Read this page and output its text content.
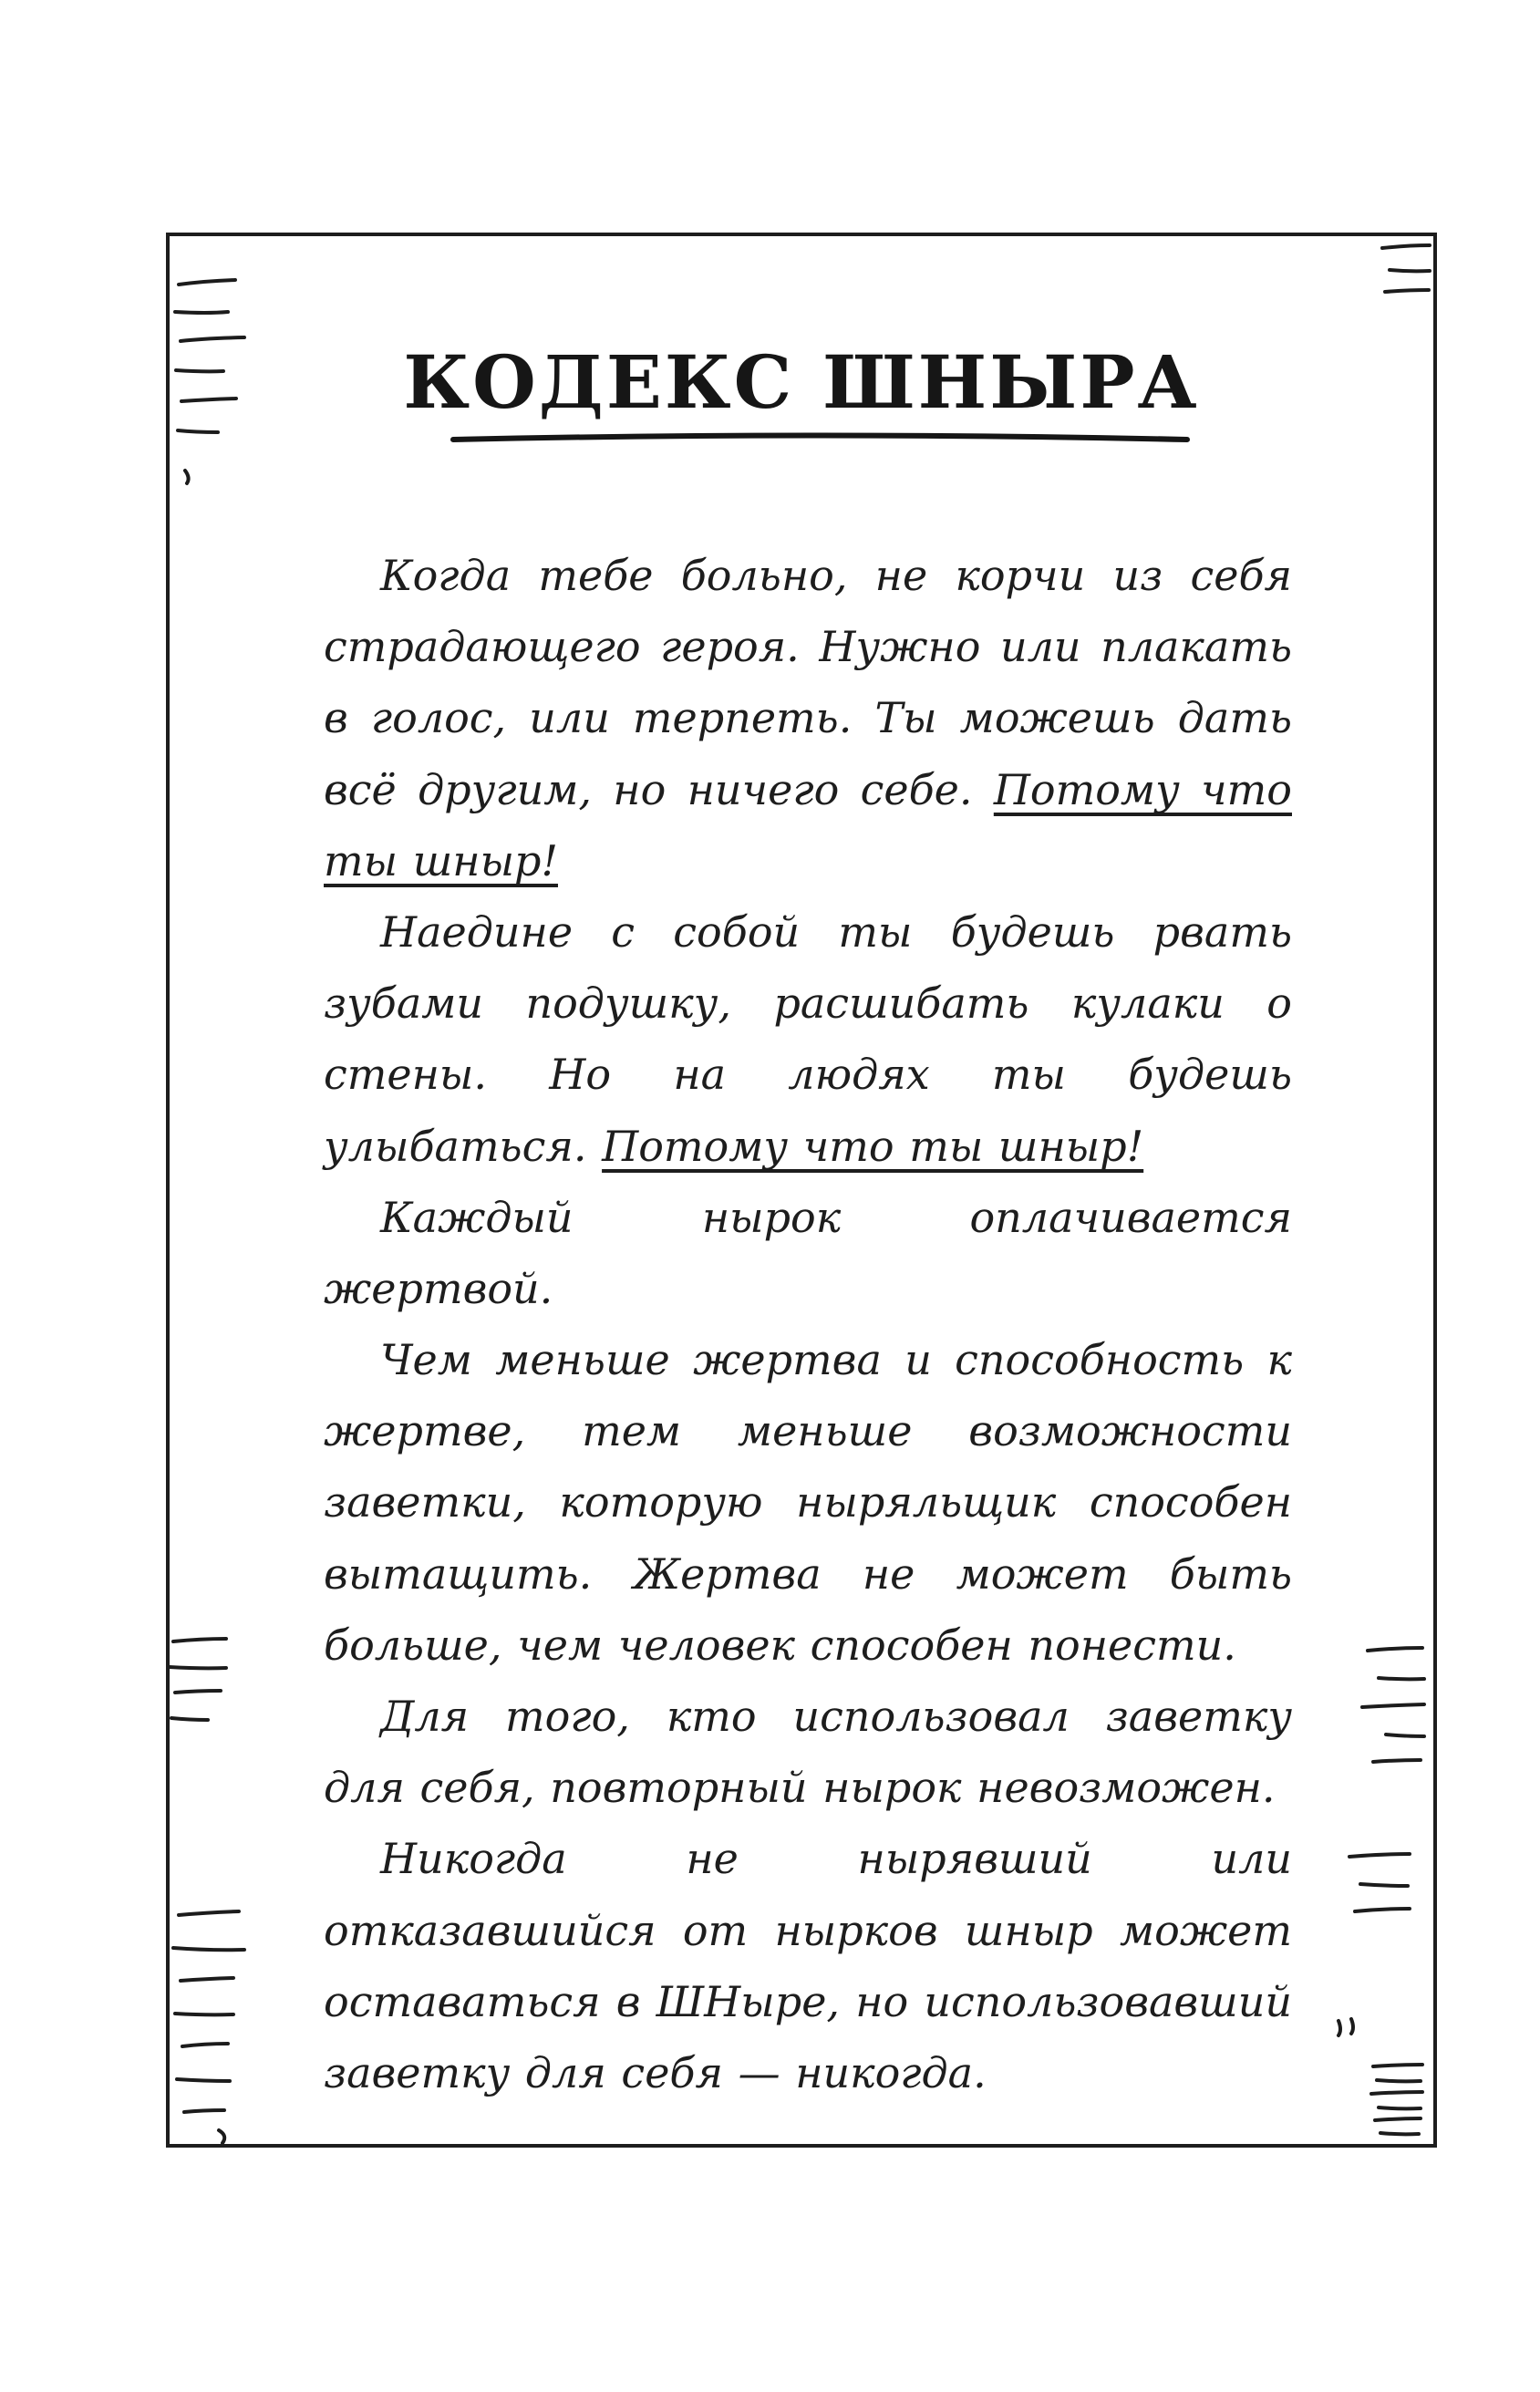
КОДЕКС ШНЫРА

Когда тебе больно, не корчи из себя страдающего героя. Нужно или плакать в голос, или терпеть. Ты можешь дать всё другим, но ничего себе. Потому что ты шныр!

Наедине с собой ты будешь рвать зубами подушку, расшибать кулаки о стены. Но на людях ты будешь улыбаться. Потому что ты шныр!

Каждый нырок оплачивается жертвой.

Чем меньше жертва и способность к жертве, тем меньше возможности заветки, которую ныряльщик способен вытащить. Жертва не может быть больше, чем человек способен понести.

Для того, кто использовал заветку для себя, повторный нырок невозможен.

Никогда не нырявший или отказавшийся от нырков шныр может оставаться в ШНыре, но использовавший заветку для себя — никогда.
